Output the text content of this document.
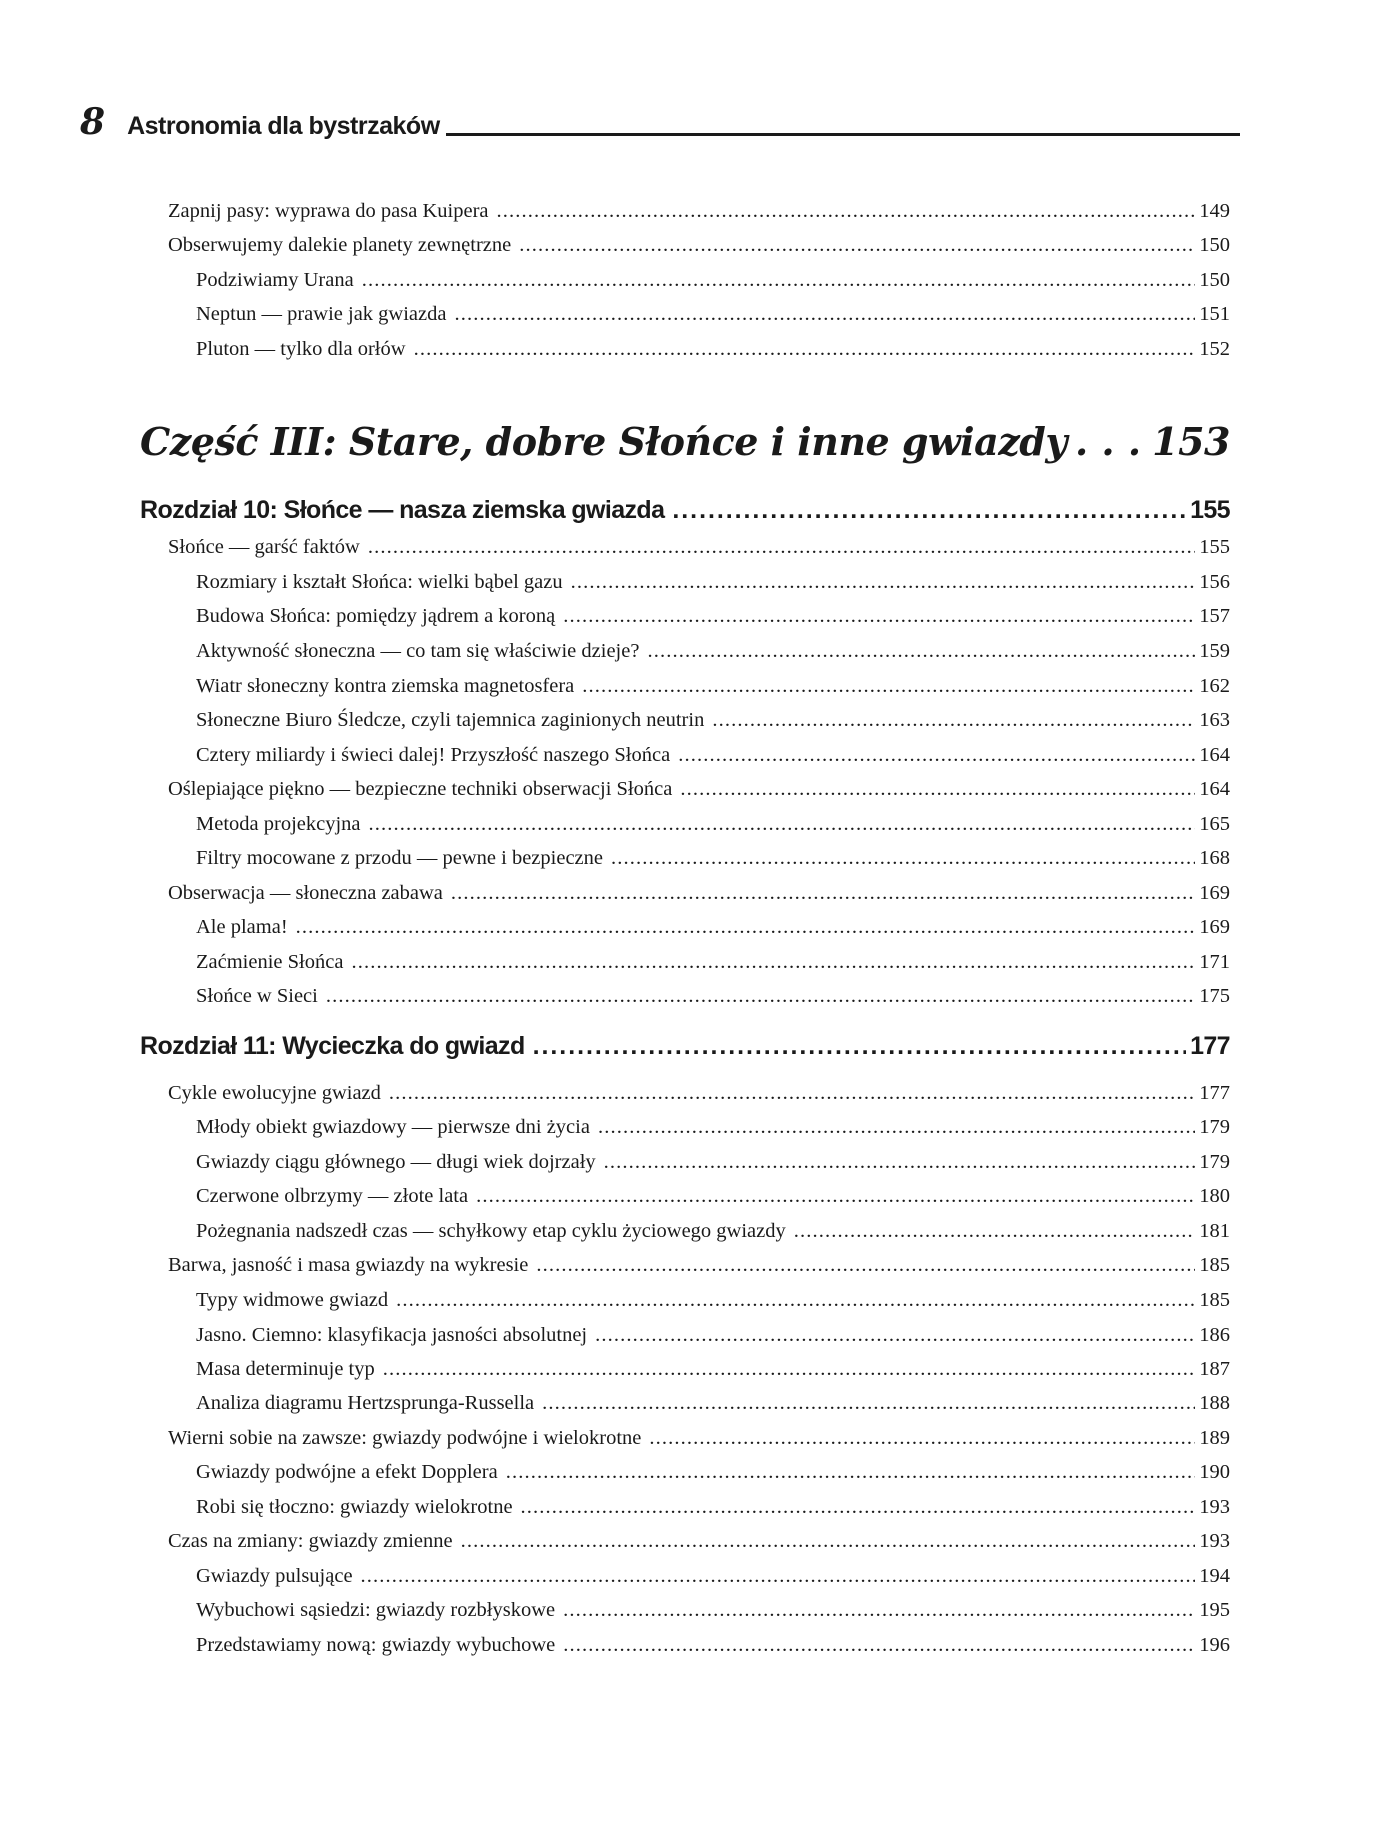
8 Astronomia dla bystrzaków
Zapnij pasy: wyprawa do pasa Kuipera . . .	149
Obserwujemy dalekie planety zewnętrzne . . .	150
Podziwiamy Urana . . .	150
Neptun — prawie jak gwiazda . . .	151
Pluton — tylko dla orłów . . .	152
Część III: Stare, dobre Słońce i inne gwiazdy . . . 153
Rozdział 10: Słońce — nasza ziemska gwiazda . . .	155
Słońce — garść faktów . . .	155
Rozmiary i kształt Słońca: wielki bąbel gazu . . .	156
Budowa Słońca: pomiędzy jądrem a koroną . . .	157
Aktywność słoneczna — co tam się właściwie dzieje? . . .	159
Wiatr słoneczny kontra ziemska magnetosfera . . .	162
Słoneczne Biuro Śledcze, czyli tajemnica zaginionych neutrin . . .	163
Cztery miliardy i świeci dalej! Przyszłość naszego Słońca . . .	164
Oślepiające piękno — bezpieczne techniki obserwacji Słońca . . .	164
Metoda projekcyjna . . .	165
Filtry mocowane z przodu — pewne i bezpieczne . . .	168
Obserwacja — słoneczna zabawa . . .	169
Ale plama! . . .	169
Zaćmienie Słońca . . .	171
Słońce w Sieci . . .	175
Rozdział 11: Wycieczka do gwiazd . . .	177
Cykle ewolucyjne gwiazd . . .	177
Młody obiekt gwiazdowy — pierwsze dni życia . . .	179
Gwiazdy ciągu głównego — długi wiek dojrzały . . .	179
Czerwone olbrzymy — złote lata . . .	180
Pożegnania nadszedł czas — schyłkowy etap cyklu życiowego gwiazdy . . .	181
Barwa, jasność i masa gwiazdy na wykresie . . .	185
Typy widmowe gwiazd . . .	185
Jasno. Ciemno: klasyfikacja jasności absolutnej . . .	186
Masa determinuje typ . . .	187
Analiza diagramu Hertzsprunga-Russella . . .	188
Wierni sobie na zawsze: gwiazdy podwójne i wielokrotne . . .	189
Gwiazdy podwójne a efekt Dopplera . . .	190
Robi się tłoczno: gwiazdy wielokrotne . . .	193
Czas na zmiany: gwiazdy zmienne . . .	193
Gwiazdy pulsujące . . .	194
Wybuchowi sąsiedzi: gwiazdy rozbłyskowe . . .	195
Przedstawiamy nową: gwiazdy wybuchowe . . .	196
